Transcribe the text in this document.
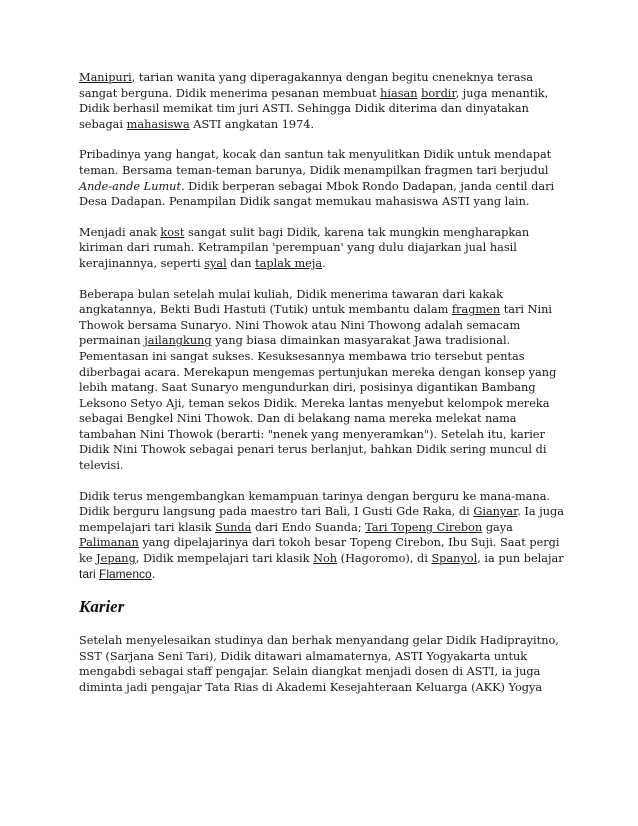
Manipuri, tarian wanita yang diperagakannya dengan begitu cneneknya terasa sangat berguna. Didik menerima pesanan membuat hiasan bordir, juga menantik, Didik berhasil memikat tim juri ASTI. Sehingga Didik diterima dan dinyatakan sebagai mahasiswa ASTI angkatan 1974.

Pribadinya yang hangat, kocak dan santun tak menyulitkan Didik untuk mendapat teman. Bersama teman-teman barunya, Didik menampilkan fragmen tari berjudul Ande-ande Lumut. Didik berperan sebagai Mbok Rondo Dadapan, janda centil dari Desa Dadapan. Penampilan Didik sangat memukau mahasiswa ASTI yang lain.

Menjadi anak kost sangat sulit bagi Didik, karena tak mungkin mengharapkan kiriman dari rumah. Ketrampilan 'perempuan' yang dulu diajarkan jual hasil kerajinannya, seperti syal dan taplak meja.

Beberapa bulan setelah mulai kuliah, Didik menerima tawaran dari kakak angkatannya, Bekti Budi Hastuti (Tutik) untuk membantu dalam fragmen tari Nini Thowok bersama Sunaryo. Nini Thowok atau Nini Thowong adalah semacam permainan jailangkung yang biasa dimainkan masyarakat Jawa tradisional. Pementasan ini sangat sukses. Kesuksesannya membawa trio tersebut pentas diberbagai acara. Merekapun mengemas pertunjukan mereka dengan konsep yang lebih matang. Saat Sunaryo mengundurkan diri, posisinya digantikan Bambang Leksono Setyo Aji, teman sekos Didik. Mereka lantas menyebut kelompok mereka sebagai Bengkel Nini Thowok. Dan di belakang nama mereka melekat nama tambahan Nini Thowok (berarti: "nenek yang menyeramkan"). Setelah itu, karier Didik Nini Thowok sebagai penari terus berlanjut, bahkan Didik sering muncul di televisi.

Didik terus mengembangkan kemampuan tarinya dengan berguru ke mana-mana. Didik berguru langsung pada maestro tari Bali, I Gusti Gde Raka, di Gianyar. Ia juga mempelajari tari klasik Sunda dari Endo Suanda; Tari Topeng Cirebon gaya Palimanan yang dipelajarinya dari tokoh besar Topeng Cirebon, Ibu Suji. Saat pergi ke Jepang, Didik mempelajari tari klasik Noh (Hagoromo), di Spanyol, ia pun belajar tari Flamenco.

Karier

Setelah menyelesaikan studinya dan berhak menyandang gelar Didik Hadiprayitno, SST (Sarjana Seni Tari), Didik ditawari almamaternya, ASTI Yogyakarta untuk mengabdi sebagai staff pengajar. Selain diangkat menjadi dosen di ASTI, ia juga diminta jadi pengajar Tata Rias di Akademi Kesejahteraan Keluarga (AKK) Yogya
